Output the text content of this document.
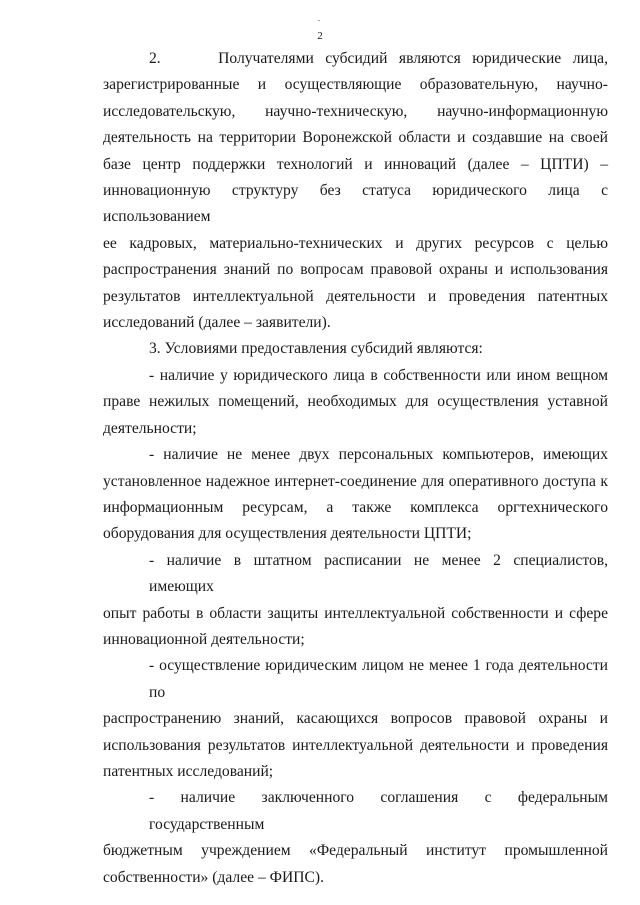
2
2.     Получателями субсидий являются юридические лица,
зарегистрированные и осуществляющие образовательную, научно-
исследовательскую, научно-техническую, научно-информационную
деятельность на территории Воронежской области и создавшие на своей
базе центр поддержки технологий и инноваций (далее – ЦПТИ) –
инновационную структуру без статуса юридического лица с использованием
ее кадровых, материально-технических и других ресурсов с целью
распространения знаний по вопросам правовой охраны и использования
результатов интеллектуальной деятельности и проведения патентных
исследований (далее – заявители).
3. Условиями предоставления субсидий являются:
- наличие у юридического лица в собственности или ином вещном
праве нежилых помещений, необходимых для осуществления уставной
деятельности;
- наличие не менее двух персональных компьютеров, имеющих
установленное надежное интернет-соединение для оперативного доступа к
информационным ресурсам, а также комплекса оргтехнического
оборудования для осуществления деятельности ЦПТИ;
- наличие в штатном расписании не менее 2 специалистов, имеющих
опыт работы в области защиты интеллектуальной собственности и сфере
инновационной деятельности;
- осуществление юридическим лицом не менее 1 года деятельности по
распространению знаний, касающихся вопросов правовой охраны и
использования результатов интеллектуальной деятельности и проведения
патентных исследований;
- наличие заключенного соглашения с федеральным государственным
бюджетным учреждением «Федеральный институт промышленной
собственности» (далее – ФИПС).
